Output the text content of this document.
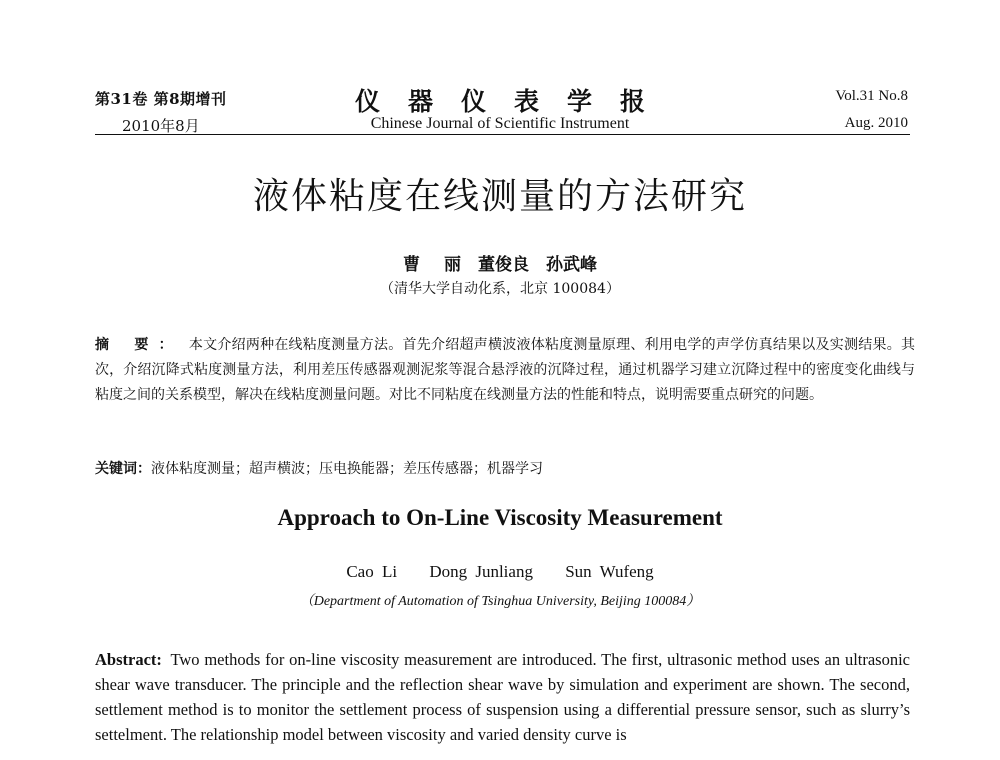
第31卷 第8期增刊
2010年8月
仪器仪表学报
Chinese Journal of Scientific Instrument
Vol.31 No.8
Aug. 2010
液体粘度在线测量的方法研究
曹 丽　董俊良　孙武峰
（清华大学自动化系，北京 100084）
摘 要： 本文介绍两种在线粘度测量方法。首先介绍超声横波液体粘度测量原理、利用电学的声学仿真结果以及实测结果。其次，介绍沉降式粘度测量方法，利用差压传感器观测泥浆等混合悬浮液的沉降过程，通过机器学习建立沉降过程中的密度变化曲线与粘度之间的关系模型，解决在线粘度测量问题。对比不同粘度在线测量方法的性能和特点，说明需要重点研究的问题。
关键词：液体粘度测量；超声横波；压电换能器；差压传感器；机器学习
Approach to On-Line Viscosity Measurement
Cao Li Dong Junliang Sun Wufeng
（Department of Automation of Tsinghua University, Beijing 100084）
Abstract: Two methods for on-line viscosity measurement are introduced. The first, ultrasonic method uses an ultrasonic shear wave transducer. The principle and the reflection shear wave by simulation and experiment are shown. The second, settlement method is to monitor the settlement process of suspension using a differential pressure sensor, such as slurry’s settelment. The relationship model between viscosity and varied density curve is
